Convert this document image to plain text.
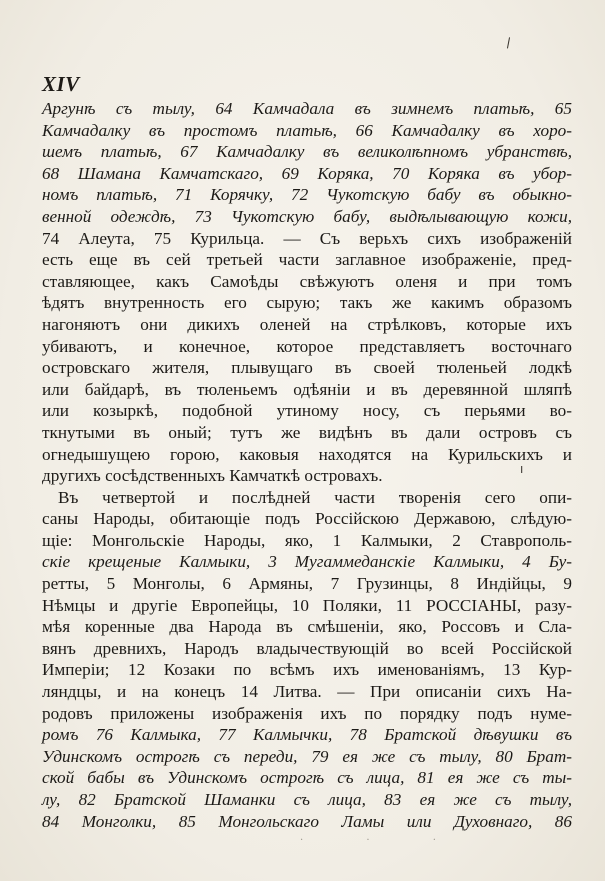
\
XIV
Аргунѣ съ тылу, 64 Камчадала въ зимнемъ платьѣ, 65
Камчадалку въ простомъ платьѣ, 66 Камчадалку въ хоро-
шемъ платьѣ, 67 Камчадалку въ великолѣпномъ убранствѣ,
68 Шамана Камчатскаго, 69 Коряка, 70 Коряка въ убор-
номъ платьѣ, 71 Корячку, 72 Чукотскую бабу въ обыкно-
венной одеждѣ, 73 Чукотскую бабу, выдѣлывающую кожи,
74 Алеута, 75 Курильца. — Съ верьхъ сихъ изображеній
есть еще въ сей третьей части заглавное изображеніе, пред-
ставляющее, какъ Самоѣды свѣжуютъ оленя и при томъ
ѣдятъ внутренность его сырую; такъ же какимъ образомъ
нагоняютъ они дикихъ оленей на стрѣлковъ, которые ихъ
убиваютъ, и конечное, которое представляетъ восточнаго
островскаго жителя, плывущаго въ своей тюленьей лодкѣ
или байдарѣ, въ тюленьемъ одѣяніи и въ деревянной шляпѣ
или козыркѣ, подобной утиному носу, съ перьями во-
ткнутыми въ оный; тутъ же видѣнъ въ дали островъ съ
огнедышущею горою, каковыя находятся на Курильскихъ и
другихъ сосѣдственныхъ Камчаткѣ островахъ.
Въ четвертой и послѣдней части творенія сего опи-
саны Народы, обитающіе подъ Россійскою Державою, слѣдую-
щіе: Монгольскіе Народы, яко, 1 Калмыки, 2 Ставрополь-
скіе крещеные Калмыки, 3 Мугаммеданскіе Калмыки, 4 Бу-
ретты, 5 Монголы, 6 Армяны, 7 Грузинцы, 8 Индійцы, 9
Нѣмцы и другіе Европейцы, 10 Поляки, 11 РОССІАНЫ, разу-
мѣя коренные два Народа въ смѣшеніи, яко, Россовъ и Сла-
вянъ древнихъ, Народъ владычествующій во всей Россійской
Имперіи; 12 Козаки по всѣмъ ихъ именованіямъ, 13 Кур-
ляндцы, и на конецъ 14 Литва. — При описаніи сихъ На-
родовъ приложены изображенія ихъ по порядку подъ нуме-
ромъ 76 Калмыка, 77 Калмычки, 78 Братской дѣвушки въ
Удинскомъ острогѣ съ переди, 79 ея же съ тылу, 80 Брат-
ской бабы въ Удинскомъ острогѣ съ лица, 81 ея же съ ты-
лу, 82 Братской Шаманки съ лица, 83 ея же съ тылу,
84 Монголки, 85 Монгольскаго Ламы или Духовнаго, 86
ı
. . .
